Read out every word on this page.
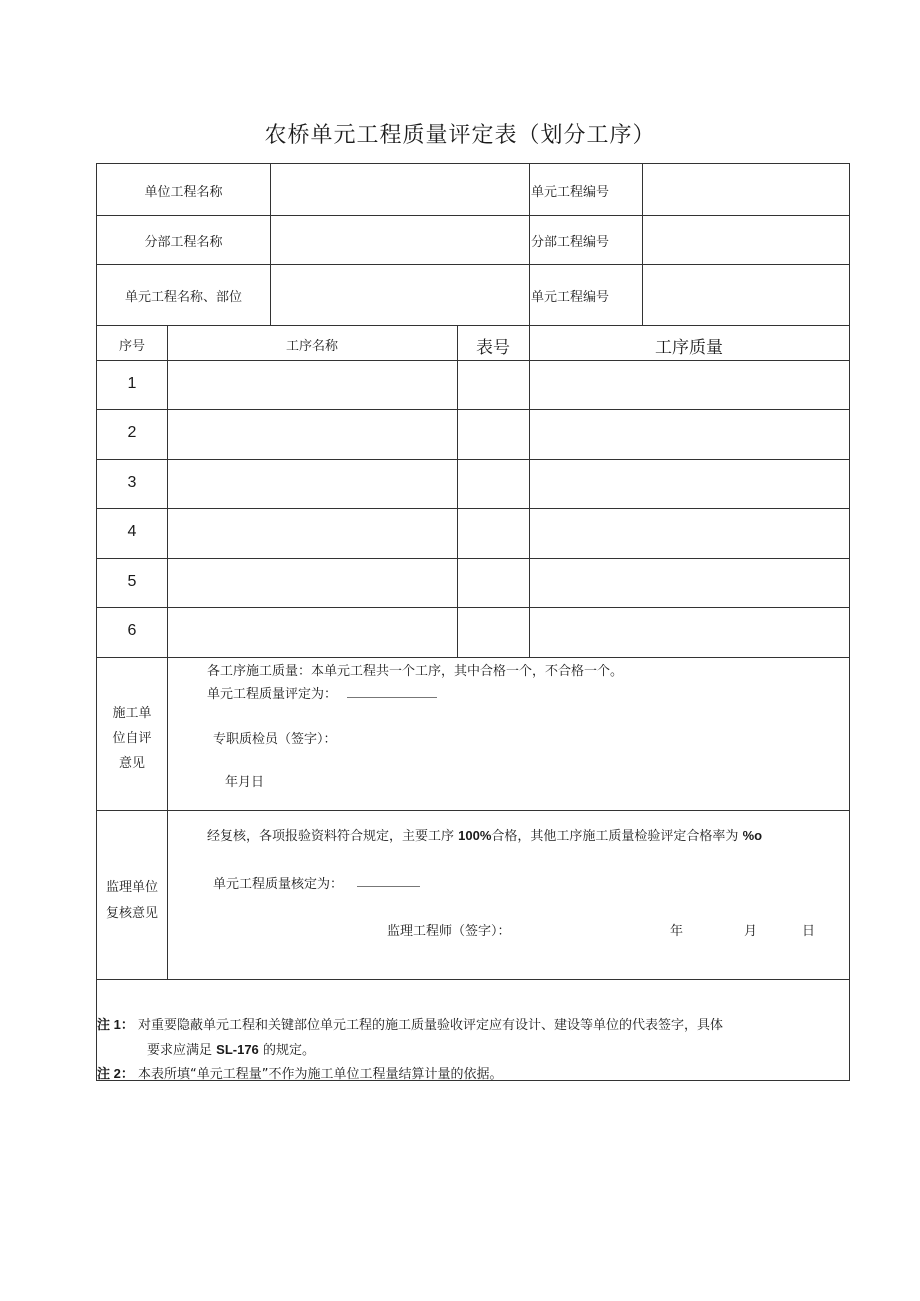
农桥单元工程质量评定表（划分工序）
单位工程名称	单元工程编号
分部工程名称	分部工程编号
单元工程名称、部位	单元工程编号
序号	工序名称	表号	工序质量
1
2
3
4
5
6
施工单
位自评
意见
各工序施工质量：本单元工程共一个工序，其中合格一个，不合格一个。
单元工程质量评定为：
专职质检员（签字）：
年月日
监理单位
复核意见
经复核，各项报验资料符合规定，主要工序 100%合格，其他工序施工质量检验评定合格率为 %o
单元工程质量核定为：
监理工程师（签字）：	年	月	日
注 1： 对重要隐蔽单元工程和关键部位单元工程的施工质量验收评定应有设计、建设等单位的代表签字，具体
要求应满足 SL-176 的规定。
注 2： 本表所填“单元工程量”不作为施工单位工程量结算计量的依据。
